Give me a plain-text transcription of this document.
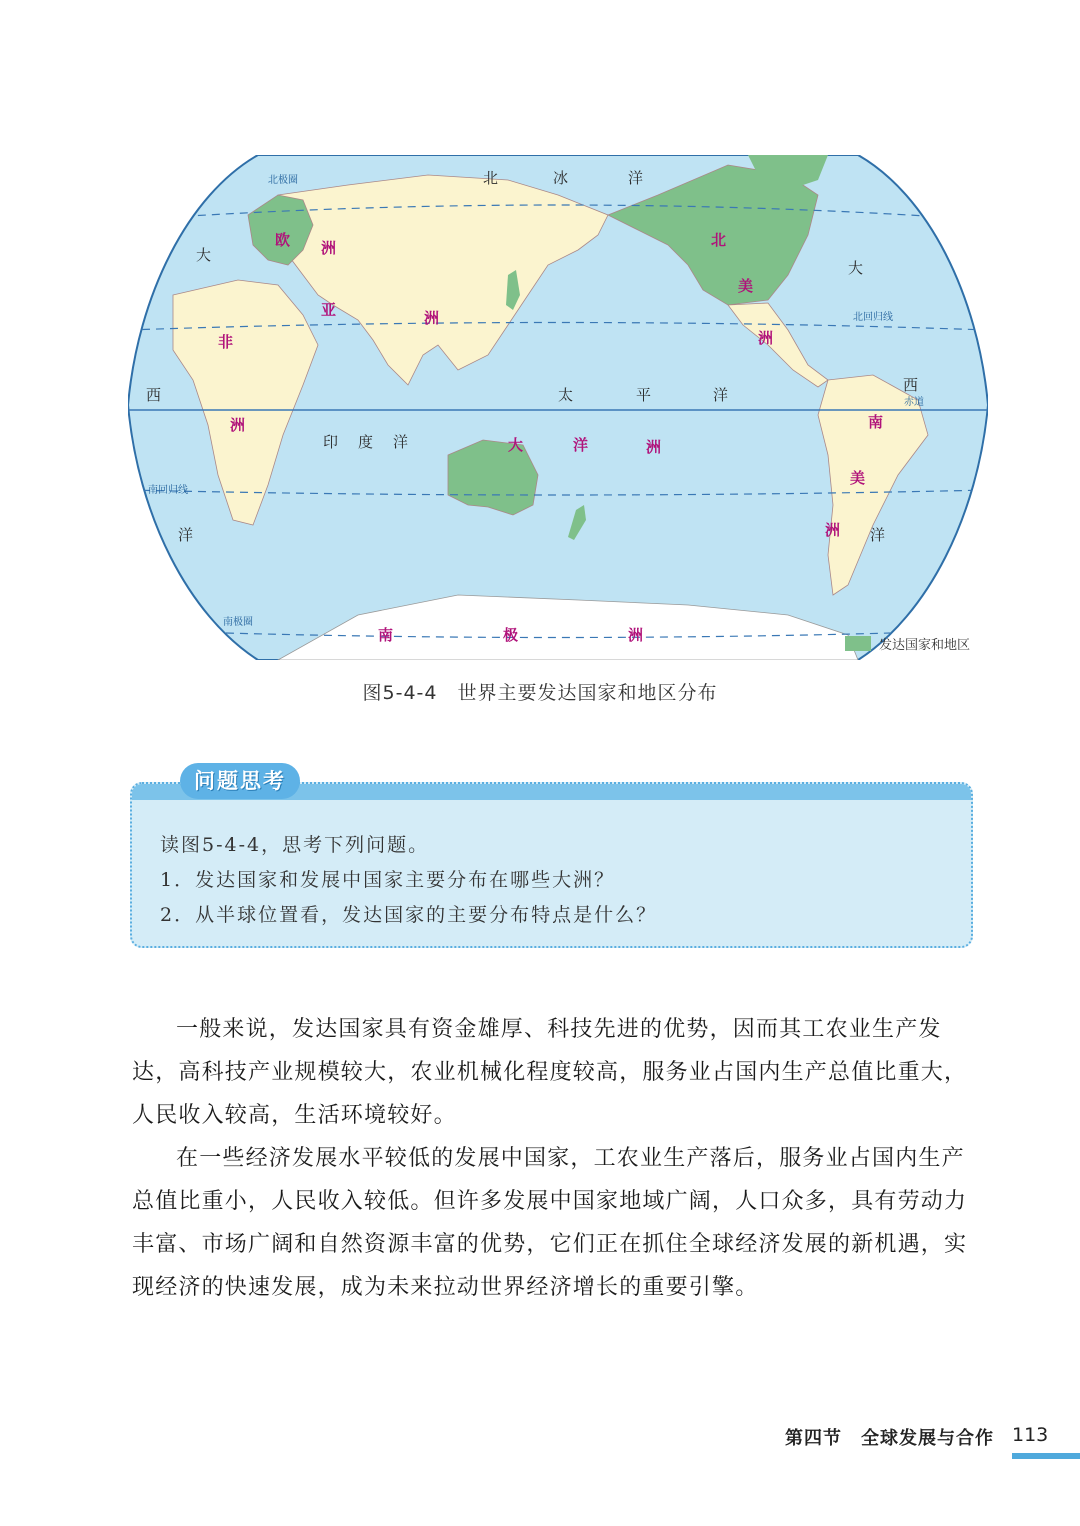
北	冰	洋
大
西
洋
大
西
洋
太	平	洋
印 度 洋
欧 洲
亚	洲
非
洲
北
美
洲
南
美
洲
大	洋	洲
南	极	洲
北极圈
北回归线
赤道
南回归线
南极圈
发达国家和地区
图5-4-4 世界主要发达国家和地区分布
读图5-4-4，思考下列问题。
1．发达国家和发展中国家主要分布在哪些大洲？
2．从半球位置看，发达国家的主要分布特点是什么？
问题思考

一般来说，发达国家具有资金雄厚、科技先进的优势，因而其工农业生产发达，高科技产业规模较大，农业机械化程度较高，服务业占国内生产总值比重大，人民收入较高，生活环境较好。

在一些经济发展水平较低的发展中国家，工农业生产落后，服务业占国内生产总值比重小，人民收入较低。但许多发展中国家地域广阔，人口众多，具有劳动力丰富、市场广阔和自然资源丰富的优势，它们正在抓住全球经济发展的新机遇，实现经济的快速发展，成为未来拉动世界经济增长的重要引擎。

第四节　全球发展与合作 113
